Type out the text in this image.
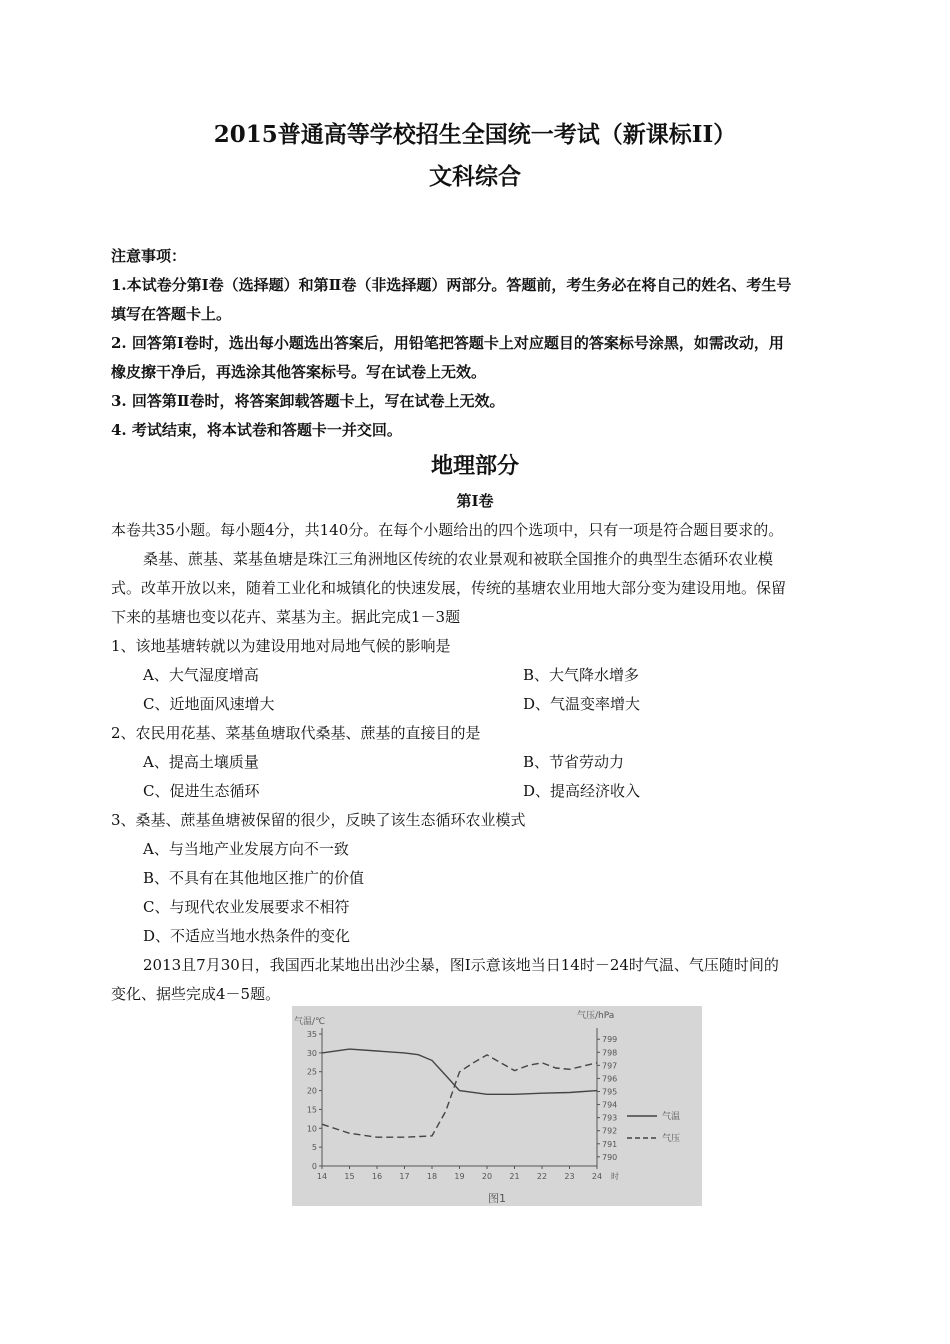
2015普通高等学校招生全国统一考试（新课标II）
文科综合
注意事项：
1.本试卷分第Ⅰ卷（选择题）和第Ⅱ卷（非选择题）两部分。答题前，考生务必在将自己的姓名、考生号
填写在答题卡上。
2. 回答第Ⅰ卷时，选出每小题选出答案后，用铅笔把答题卡上对应题目的答案标号涂黑，如需改动，用
橡皮擦干净后，再选涂其他答案标号。写在试卷上无效。
3. 回答第Ⅱ卷时，将答案卸载答题卡上，写在试卷上无效。
4. 考试结束，将本试卷和答题卡一并交回。
地理部分
第Ⅰ卷
本卷共35小题。每小题4分，共140分。在每个小题给出的四个选项中，只有一项是符合题目要求的。
桑基、蔗基、菜基鱼塘是珠江三角洲地区传统的农业景观和被联全国推介的典型生态循环农业模
式。改革开放以来，随着工业化和城镇化的快速发展，传统的基塘农业用地大部分变为建设用地。保留
下来的基塘也变以花卉、菜基为主。据此完成1－3题
1、该地基塘转就以为建设用地对局地气候的影响是
A、大气湿度增高	B、大气降水增多
C、近地面风速增大	D、气温变率增大
2、农民用花基、菜基鱼塘取代桑基、蔗基的直接目的是
A、提高土壤质量	B、节省劳动力
C、促进生态循环	D、提高经济收入
3、桑基、蔗基鱼塘被保留的很少，反映了该生态循环农业模式
A、与当地产业发展方向不一致
B、不具有在其他地区推广的价值
C、与现代农业发展要求不相符
D、不适应当地水热条件的变化
2013且7月30日，我国西北某地出出沙尘暴，图Ⅰ示意该地当日14时－24时气温、气压随时间的
变化、据些完成4－5题。
0
5
10
15
20
25
30
35
790
791
792
793
794
795
796
797
798
799
14 15 16 17 18 19 20 21 22 23 24
气温/℃
气压/hPa
时
气温
气压
图1
